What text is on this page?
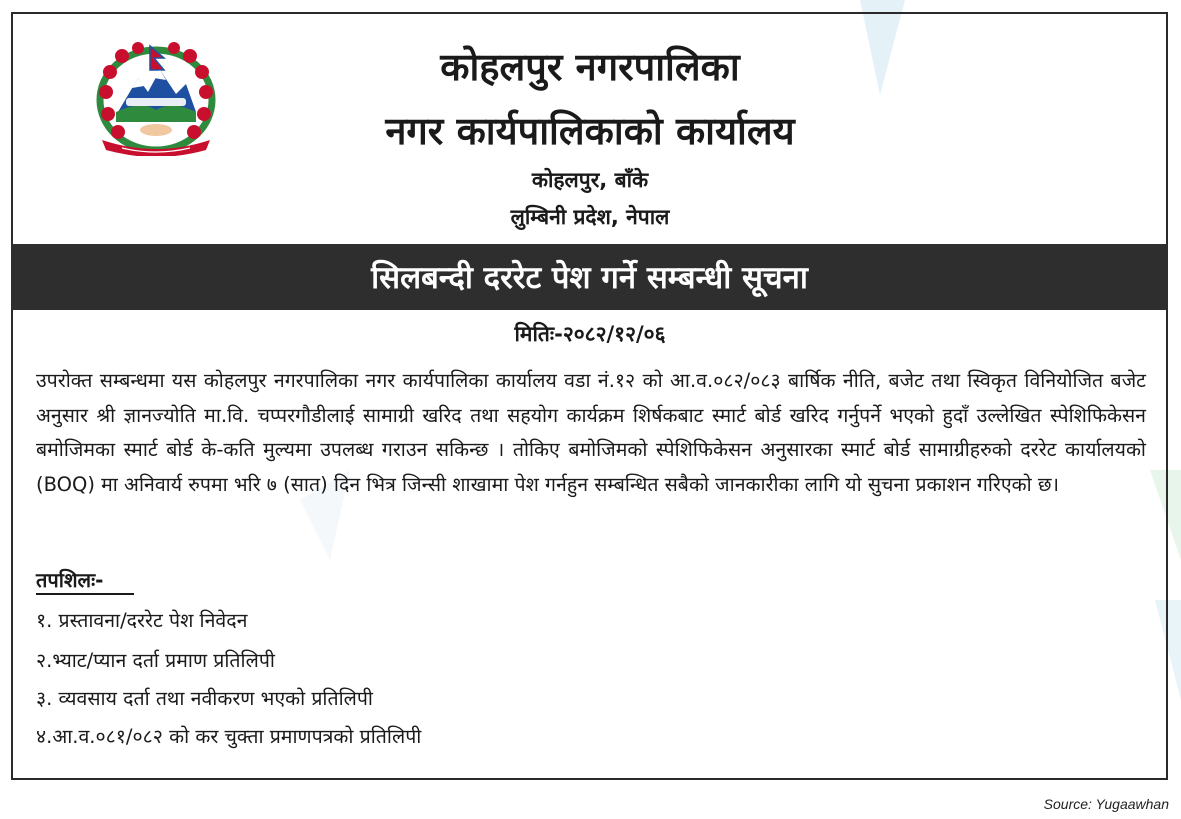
कोहलपुर नगरपालिका
नगर कार्यपालिकाको कार्यालय
कोहलपुर, बाँके
लुम्बिनी प्रदेश, नेपाल
सिलबन्दी दररेट पेश गर्ने सम्बन्धी सूचना
मितिः-२०८२/१२/०६
उपरोक्त सम्बन्धमा यस कोहलपुर नगरपालिका नगर कार्यपालिका कार्यालय वडा नं.१२ को आ.व.०८२/०८३ बार्षिक नीति, बजेट तथा स्विकृत विनियोजित बजेट अनुसार श्री ज्ञानज्योति मा.वि. चप्परगौडीलाई सामाग्री खरिद तथा सहयोग कार्यक्रम शिर्षकबाट स्मार्ट बोर्ड खरिद गर्नुपर्ने भएको हुदाँ उल्लेखित स्पेशिफिकेसन बमोजिमका स्मार्ट बोर्ड के-कति मुल्यमा उपलब्ध गराउन सकिन्छ । तोकिए बमोजिमको स्पेशिफिकेसन अनुसारका स्मार्ट बोर्ड सामाग्रीहरुको दररेट कार्यालयको (BOQ) मा अनिवार्य रुपमा भरि ७ (सात) दिन भित्र जिन्सी शाखामा पेश गर्नहुन सम्बन्धित सबैको जानकारीका लागि यो सुचना प्रकाशन गरिएको छ।
तपशिलः-
१. प्रस्तावना/दररेट पेश निवेदन
२.भ्याट/प्यान दर्ता प्रमाण प्रतिलिपी
३. व्यवसाय दर्ता तथा नवीकरण भएको प्रतिलिपी
४.आ.व.०८१/०८२ को कर चुक्ता प्रमाणपत्रको प्रतिलिपी
Source: Yugaawhan
